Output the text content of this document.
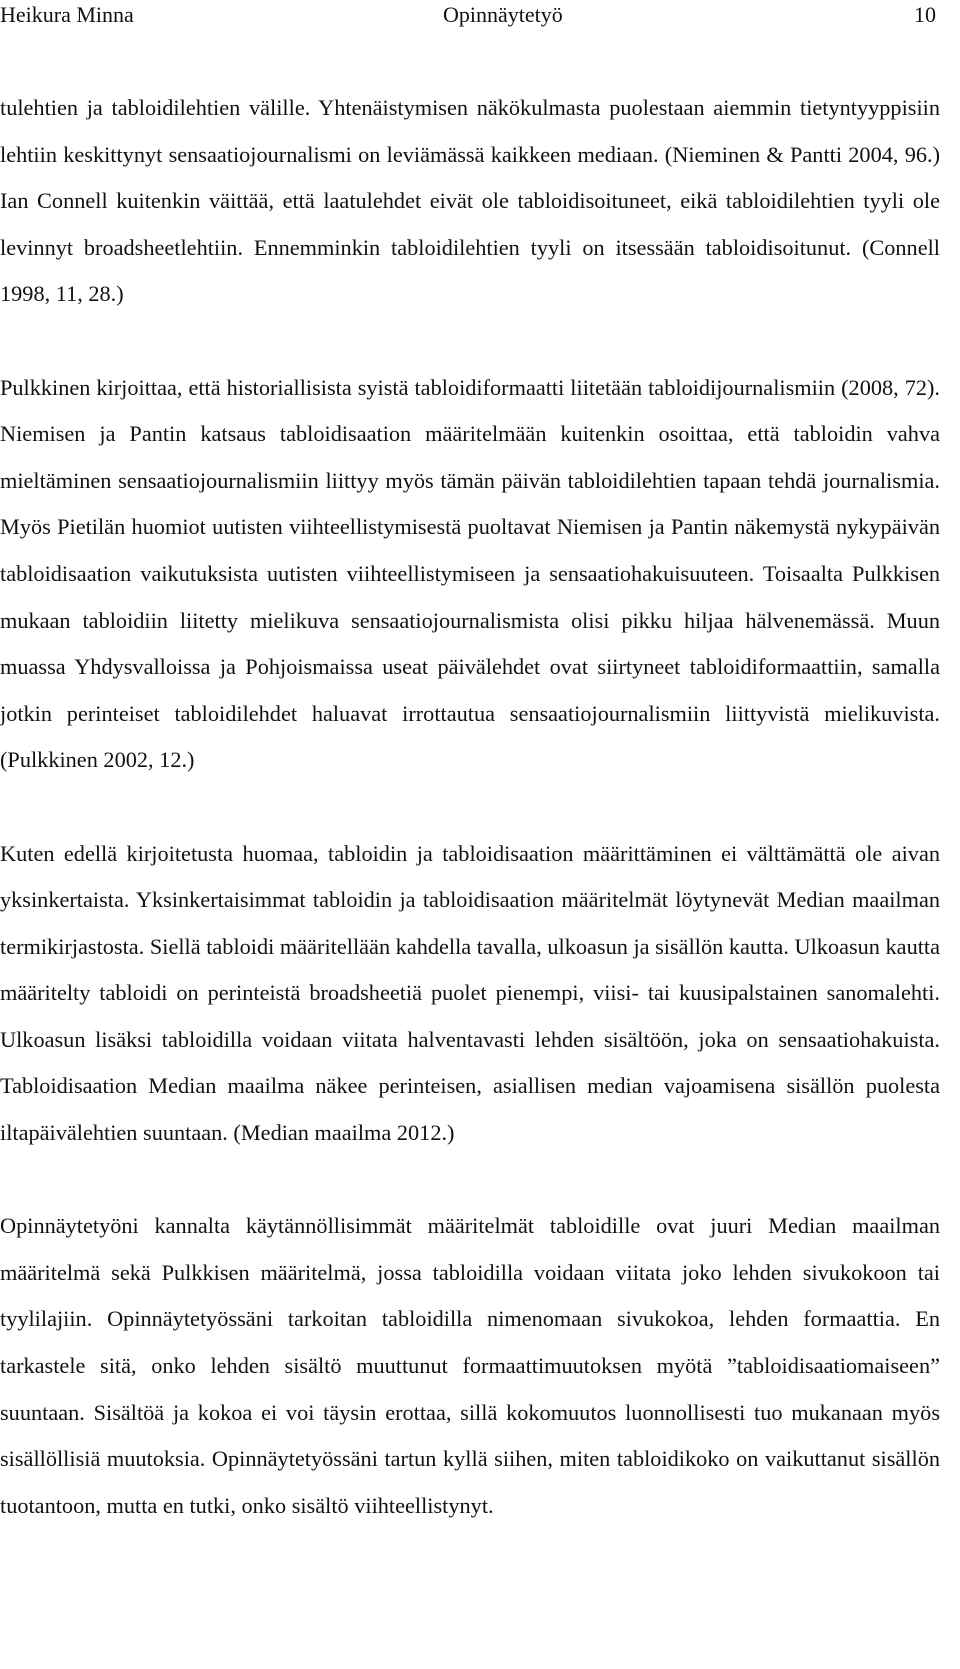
Heikura Minna	Opinnäytetyö	10

tulehtien ja tabloidilehtien välille. Yhtenäistymisen näkökulmasta puolestaan aiemmin tietyntyyppisiin lehtiin keskittynyt sensaatiojournalismi on leviämässä kaikkeen mediaan. (Nieminen & Pantti 2004, 96.) Ian Connell kuitenkin väittää, että laatulehdet eivät ole tabloidisoituneet, eikä tabloidilehtien tyyli ole levinnyt broadsheetlehtiin. Ennemminkin tabloidilehtien tyyli on itsessään tabloidisoitunut. (Connell 1998, 11, 28.)

Pulkkinen kirjoittaa, että historiallisista syistä tabloidiformaatti liitetään tabloidijournalismiin (2008, 72). Niemisen ja Pantin katsaus tabloidisaation määritelmään kuitenkin osoittaa, että tabloidin vahva mieltäminen sensaatiojournalismiin liittyy myös tämän päivän tabloidilehtien tapaan tehdä journalismia. Myös Pietilän huomiot uutisten viihteellistymisestä puoltavat Niemisen ja Pantin näkemystä nykypäivän tabloidisaation vaikutuksista uutisten viihteellistymiseen ja sensaatiohakuisuuteen. Toisaalta Pulkkisen mukaan tabloidiin liitetty mielikuva sensaatiojournalismista olisi pikku hiljaa hälvenemässä. Muun muassa Yhdysvalloissa ja Pohjoismaissa useat päivälehdet ovat siirtyneet tabloidiformaattiin, samalla jotkin perinteiset tabloidilehdet haluavat irrottautua sensaatiojournalismiin liittyvistä mielikuvista. (Pulkkinen 2002, 12.)

Kuten edellä kirjoitetusta huomaa, tabloidin ja tabloidisaation määrittäminen ei välttämättä ole aivan yksinkertaista. Yksinkertaisimmat tabloidin ja tabloidisaation määritelmät löytynevät Median maailman termikirjastosta. Siellä tabloidi määritellään kahdella tavalla, ulkoasun ja sisällön kautta. Ulkoasun kautta määritelty tabloidi on perinteistä broadsheetiä puolet pienempi, viisi- tai kuusipalstainen sanomalehti. Ulkoasun lisäksi tabloidilla voidaan viitata halventavasti lehden sisältöön, joka on sensaatiohakuista. Tabloidisaation Median maailma näkee perinteisen, asiallisen median vajoamisena sisällön puolesta iltapäivälehtien suuntaan. (Median maailma 2012.)

Opinnäytetyöni kannalta käytännöllisimmät määritelmät tabloidille ovat juuri Median maailman määritelmä sekä Pulkkisen määritelmä, jossa tabloidilla voidaan viitata joko lehden sivukokoon tai tyylilajiin. Opinnäytetyössäni tarkoitan tabloidilla nimenomaan sivukokoa, lehden formaattia. En tarkastele sitä, onko lehden sisältö muuttunut formaattimuutoksen myötä ”tabloidisaatiomaiseen” suuntaan. Sisältöä ja kokoa ei voi täysin erottaa, sillä kokomuutos luonnollisesti tuo mukanaan myös sisällöllisiä muutoksia. Opinnäytetyössäni tartun kyllä siihen, miten tabloidikoko on vaikuttanut sisällön tuotantoon, mutta en tutki, onko sisältö viihteellistynyt.
